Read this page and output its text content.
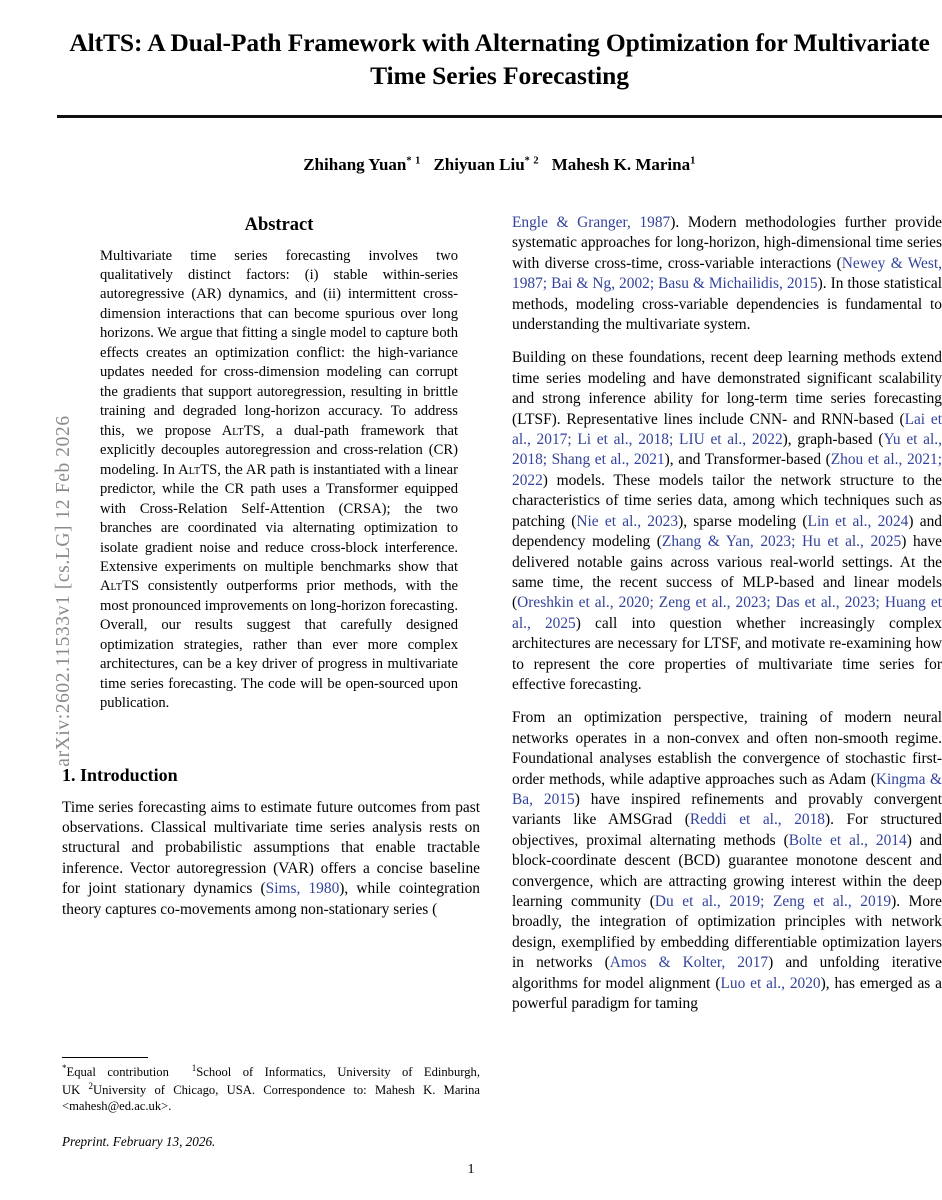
arXiv:2602.11533v1 [cs.LG] 12 Feb 2026
AltTS: A Dual-Path Framework with Alternating Optimization for Multivariate Time Series Forecasting
Zhihang Yuan$^{* 1}$ Zhiyuan Liu$^{* 2}$ Mahesh K. Marina$^1$
Abstract

Multivariate time series forecasting involves two qualitatively distinct factors: (i) stable within-series autoregressive (AR) dynamics, and (ii) intermittent cross-dimension interactions that can become spurious over long horizons. We argue that fitting a single model to capture both effects creates an optimization conflict: the high-variance updates needed for cross-dimension modeling can corrupt the gradients that support autoregression, resulting in brittle training and degraded long-horizon accuracy. To address this, we propose AltTS, a dual-path framework that explicitly decouples autoregression and cross-relation (CR) modeling. In AltTS, the AR path is instantiated with a linear predictor, while the CR path uses a Transformer equipped with Cross-Relation Self-Attention (CRSA); the two branches are coordinated via alternating optimization to isolate gradient noise and reduce cross-block interference. Extensive experiments on multiple benchmarks show that AltTS consistently outperforms prior methods, with the most pronounced improvements on long-horizon forecasting. Overall, our results suggest that carefully designed optimization strategies, rather than ever more complex architectures, can be a key driver of progress in multivariate time series forecasting. The code will be open-sourced upon publication.

1. Introduction

Time series forecasting aims to estimate future outcomes from past observations. Classical multivariate time series analysis rests on structural and probabilistic assumptions that enable tractable inference. Vector autoregression (VAR) offers a concise baseline for joint stationary dynamics (Sims, 1980), while cointegration theory captures co-movements among non-stationary series (

Engle & Granger, 1987). Modern methodologies further provide systematic approaches for long-horizon, high-dimensional time series with diverse cross-time, cross-variable interactions (Newey & West, 1987; Bai & Ng, 2002; Basu & Michailidis, 2015). In those statistical methods, modeling cross-variable dependencies is fundamental to understanding the multivariate system.

Building on these foundations, recent deep learning methods extend time series modeling and have demonstrated significant scalability and strong inference ability for long-term time series forecasting (LTSF). Representative lines include CNN- and RNN-based (Lai et al., 2017; Li et al., 2018; LIU et al., 2022), graph-based (Yu et al., 2018; Shang et al., 2021), and Transformer-based (Zhou et al., 2021; 2022) models. These models tailor the network structure to the characteristics of time series data, among which techniques such as patching (Nie et al., 2023), sparse modeling (Lin et al., 2024) and dependency modeling (Zhang & Yan, 2023; Hu et al., 2025) have delivered notable gains across various real-world settings. At the same time, the recent success of MLP-based and linear models (Oreshkin et al., 2020; Zeng et al., 2023; Das et al., 2023; Huang et al., 2025) call into question whether increasingly complex architectures are necessary for LTSF, and motivate re-examining how to represent the core properties of multivariate time series for effective forecasting.

From an optimization perspective, training of modern neural networks operates in a non-convex and often non-smooth regime. Foundational analyses establish the convergence of stochastic first-order methods, while adaptive approaches such as Adam (Kingma & Ba, 2015) have inspired refinements and provably convergent variants like AMSGrad (Reddi et al., 2018). For structured objectives, proximal alternating methods (Bolte et al., 2014) and block-coordinate descent (BCD) guarantee monotone descent and convergence, which are attracting growing interest within the deep learning community (Du et al., 2019; Zeng et al., 2019). More broadly, the integration of optimization principles with network design, exemplified by embedding differentiable optimization layers in networks (Amos & Kolter, 2017) and unfolding iterative algorithms for model alignment (Luo et al., 2020), has emerged as a powerful paradigm for taming

*Equal contribution	$^1$School of Informatics, University of Edinburgh, UK $^2$University of Chicago, USA. Correspondence to: Mahesh K. Marina <mahesh@ed.ac.uk>.

Preprint. February 13, 2026.

1
